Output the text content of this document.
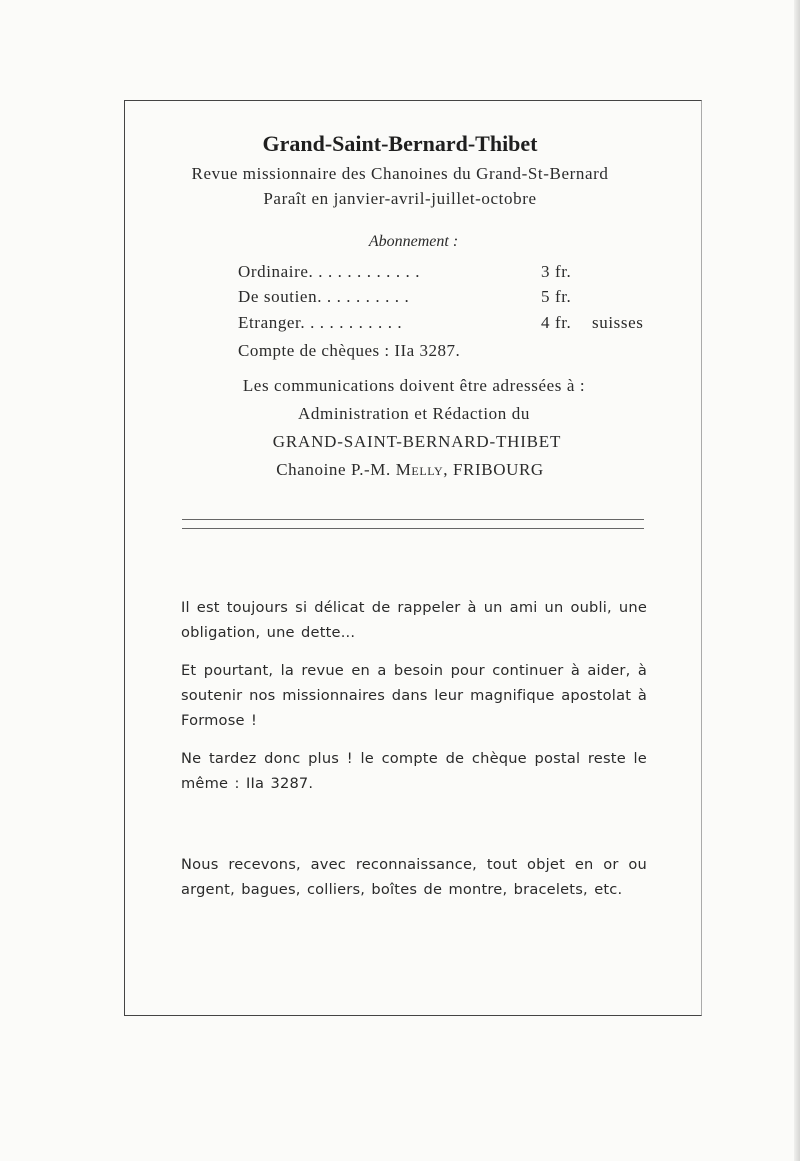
Grand-Saint-Bernard-Thibet
Revue missionnaire des Chanoines du Grand-St-Bernard
Paraît en janvier-avril-juillet-octobre
Abonnement :
Ordinaire. . . . . . . . . . . .	3 fr.
De soutien. . . . . . . . . .	5 fr.
Etranger. . . . . . . . . . .	4 fr. suisses
Compte de chèques : IIa 3287.
Les communications doivent être adressées à :
Administration et Rédaction du
GRAND-SAINT-BERNARD-THIBET
Chanoine P.-M. Melly, FRIBOURG

Il est toujours si délicat de rappeler à un ami un oubli, une obligation, une dette...

Et pourtant, la revue en a besoin pour continuer à aider, à soutenir nos missionnaires dans leur magnifique apostolat à Formose !

Ne tardez donc plus ! le compte de chèque postal reste le même : IIa 3287.

Nous recevons, avec reconnaissance, tout objet en or ou argent, bagues, colliers, boîtes de montre, bracelets, etc.
